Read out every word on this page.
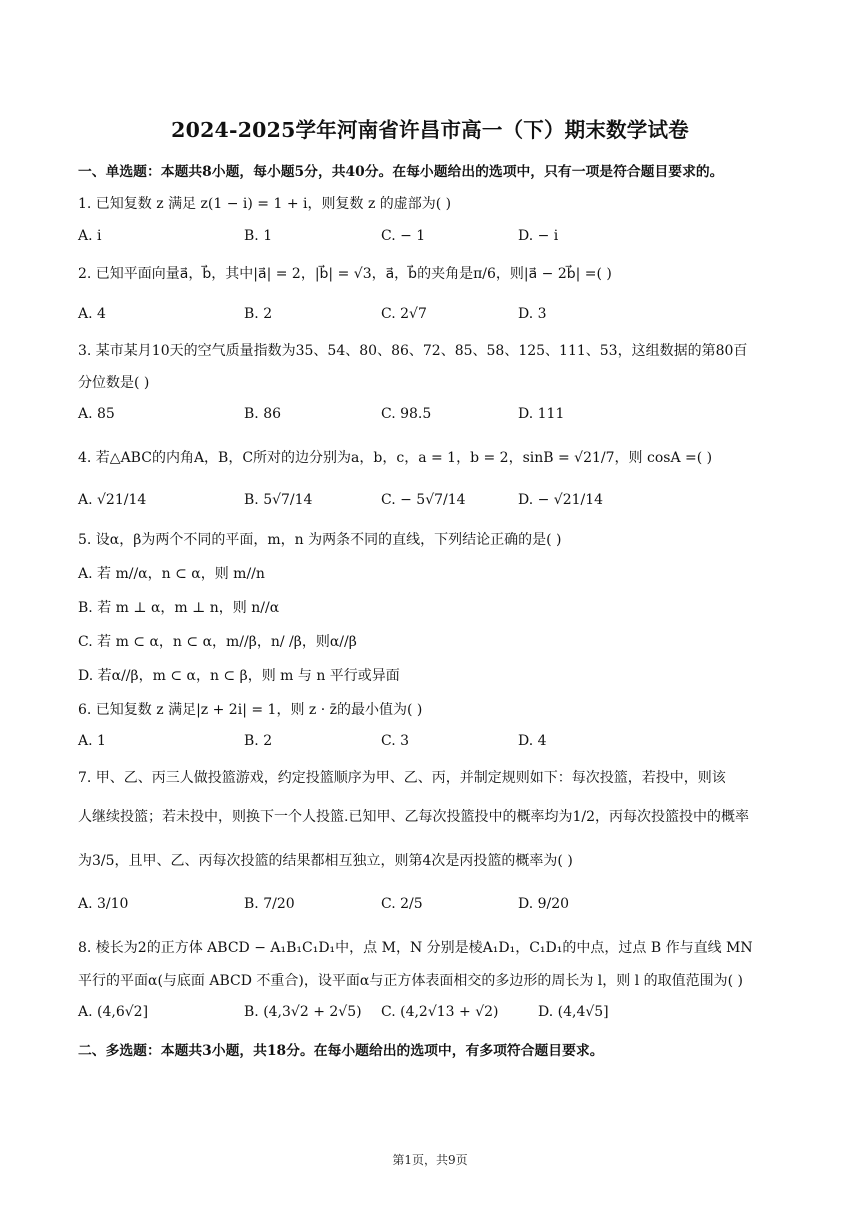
2024-2025学年河南省许昌市高一（下）期末数学试卷
一、单选题：本题共8小题，每小题5分，共40分。在每小题给出的选项中，只有一项是符合题目要求的。
1. 已知复数 z 满足 z(1 − i) = 1 + i，则复数 z 的虚部为( )
A. i	B. 1	C. − 1	D. − i
2. 已知平面向量a⃗，b⃗，其中|a⃗| = 2，|b⃗| = √3，a⃗，b⃗的夹角是π/6，则|a⃗ − 2b⃗| =( )
A. 4	B. 2	C. 2√7	D. 3
3. 某市某月10天的空气质量指数为35、54、80、86、72、85、58、125、111、53，这组数据的第80百
分位数是( )
A. 85	B. 86	C. 98.5	D. 111
4. 若△ABC的内角A，B，C所对的边分别为a，b，c，a = 1，b = 2，sinB = √21/7，则 cosA =( )
A. √21/14	B. 5√7/14	C. − 5√7/14	D. − √21/14
5. 设α，β为两个不同的平面，m，n 为两条不同的直线，下列结论正确的是( )
A. 若 m//α，n ⊂ α，则 m//n
B. 若 m ⊥ α，m ⊥ n，则 n//α
C. 若 m ⊂ α，n ⊂ α，m//β，n/ /β，则α//β
D. 若α//β，m ⊂ α，n ⊂ β，则 m 与 n 平行或异面
6. 已知复数 z 满足|z + 2i| = 1，则 z · z̄的最小值为( )
A. 1	B. 2	C. 3	D. 4
7. 甲、乙、丙三人做投篮游戏，约定投篮顺序为甲、乙、丙，并制定规则如下：每次投篮，若投中，则该
人继续投篮；若未投中，则换下一个人投篮.已知甲、乙每次投篮投中的概率均为1/2，丙每次投篮投中的概率
为3/5，且甲、乙、丙每次投篮的结果都相互独立，则第4次是丙投篮的概率为( )
A. 3/10	B. 7/20	C. 2/5	D. 9/20
8. 棱长为2的正方体 ABCD − A₁B₁C₁D₁中，点 M，N 分别是棱A₁D₁，C₁D₁的中点，过点 B 作与直线 MN
平行的平面α(与底面 ABCD 不重合)，设平面α与正方体表面相交的多边形的周长为 l，则 l 的取值范围为( )
A. (4,6√2]	B. (4,3√2 + 2√5) C. (4,2√13 + √2)	D. (4,4√5]
二、多选题：本题共3小题，共18分。在每小题给出的选项中，有多项符合题目要求。
第1页，共9页
